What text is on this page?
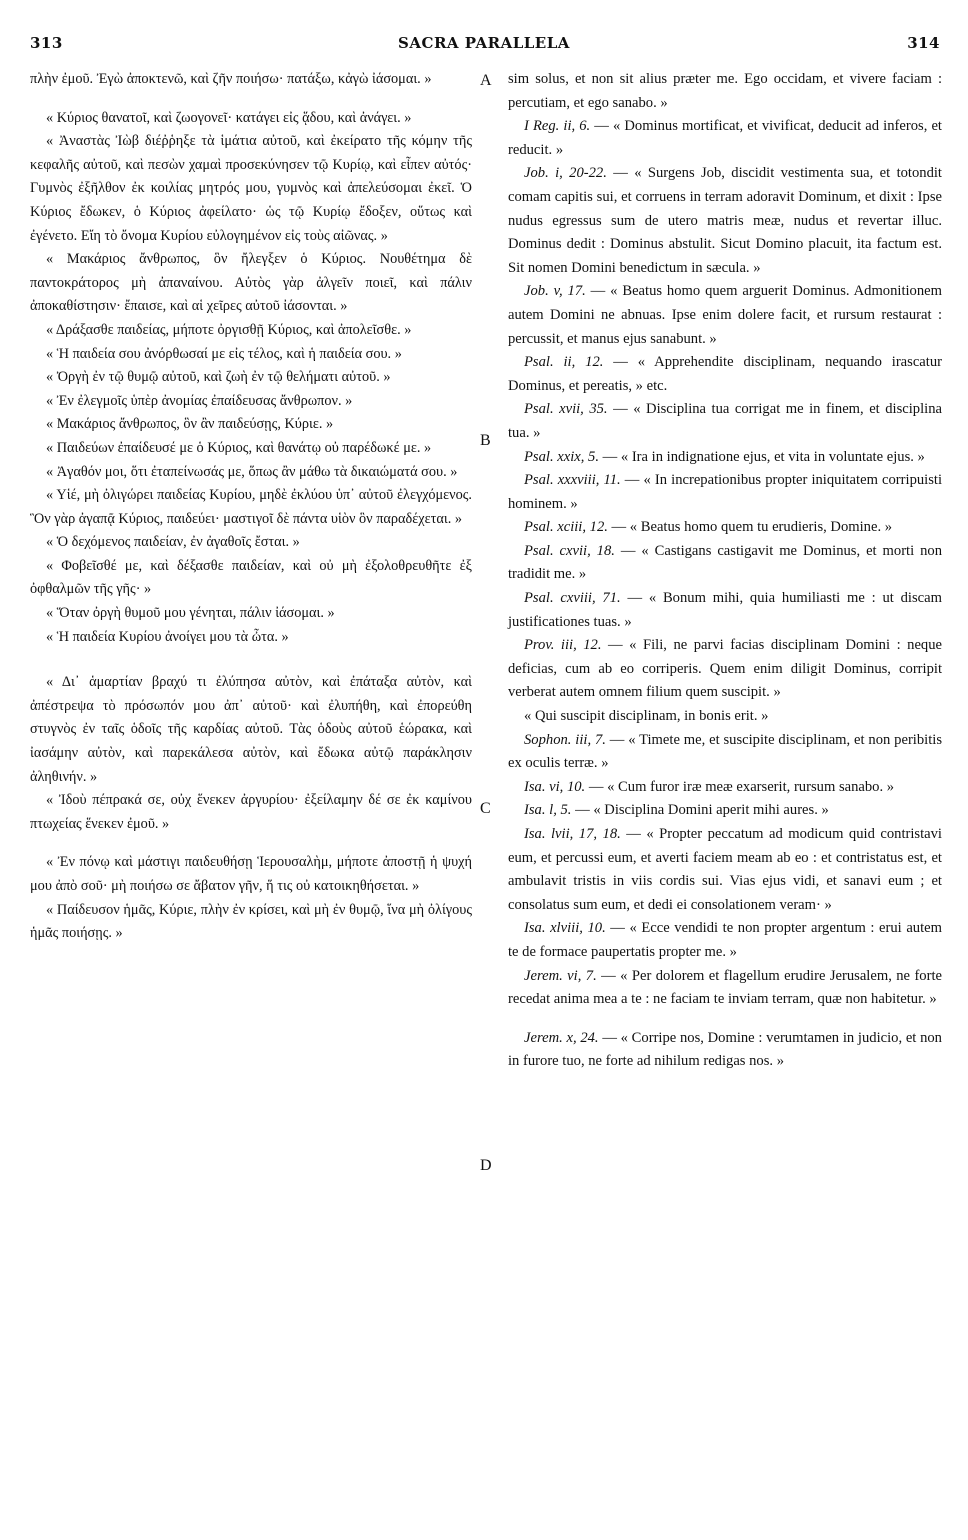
313	SACRA PARALLELA	314
πλὴν ἐμοῦ. Ἐγὼ ἀποκτενῶ, καὶ ζῆν ποιήσω· πατάξω, κἀγὼ ἰάσομαι. »
« Κύριος θανατοῖ, καὶ ζωογονεῖ· κατάγει εἰς ᾅδου, καὶ ἀνάγει. »
« Ἀναστὰς Ἰὼβ διέῤῥηξε τὰ ἱμάτια αὐτοῦ, καὶ ἐκείρατο τῆς κόμην τῆς κεφαλῆς αὐτοῦ, καὶ πεσὼν χαμαὶ προσεκύνησεν τῷ Κυρίῳ, καὶ εἶπεν αὐτός· Γυμνὸς ἐξῆλθον ἐκ κοιλίας μητρός μου, γυμνὸς καὶ ἀπελεύσομαι ἐκεῖ. Ὁ Κύριος ἔδωκεν, ὁ Κύριος ἀφείλατο· ὡς τῷ Κυρίῳ ἔδοξεν, οὕτως καὶ ἐγένετο. Εἴη τὸ ὄνομα Κυρίου εὐλογημένον εἰς τοὺς αἰῶνας. »
« Μακάριος ἄνθρωπος, ὃν ἤλεγξεν ὁ Κύριος. Νουθέτημα δὲ παντοκράτορος μὴ ἀπαναίνου. Αὐτὸς γὰρ ἀλγεῖν ποιεῖ, καὶ πάλιν ἀποκαθίστησιν· ἔπαισε, καὶ αἱ χεῖρες αὐτοῦ ἰάσονται. »
« Δράξασθε παιδείας, μήποτε ὀργισθῇ Κύριος, καὶ ἀπολεῖσθε. »
« Ἡ παιδεία σου ἀνόρθωσαί με εἰς τέλος, καὶ ἡ παιδεία σου. »
« Ὀργὴ ἐν τῷ θυμῷ αὐτοῦ, καὶ ζωὴ ἐν τῷ θελήματι αὐτοῦ. »
« Ἐν ἐλεγμοῖς ὑπὲρ ἀνομίας ἐπαίδευσας ἄνθρωπον. »
« Μακάριος ἄνθρωπος, ὃν ἂν παιδεύσῃς, Κύριε. »
« Παιδεύων ἐπαίδευσέ με ὁ Κύριος, καὶ θανάτῳ οὐ παρέδωκέ με. »
« Ἀγαθόν μοι, ὅτι ἐταπείνωσάς με, ὅπως ἂν μάθω τὰ δικαιώματά σου. »
« Υἱέ, μὴ ὀλιγώρει παιδείας Κυρίου, μηδὲ ἐκλύου ὑπ᾽ αὐτοῦ ἐλεγχόμενος. Ὃν γὰρ ἀγαπᾷ Κύριος, παιδεύει· μαστιγοῖ δὲ πάντα υἱὸν ὃν παραδέχεται. »
« Ὁ δεχόμενος παιδείαν, ἐν ἀγαθοῖς ἔσται. »
« Φοβεῖσθέ με, καὶ δέξασθε παιδείαν, καὶ οὐ μὴ ἐξολοθρευθῆτε ἐξ ὀφθαλμῶν τῆς γῆς· »
« Ὅταν ὀργὴ θυμοῦ μου γένηται, πάλιν ἰάσομαι. »
« Ἡ παιδεία Κυρίου ἀνοίγει μου τὰ ὦτα. »
« Δι᾽ ἁμαρτίαν βραχύ τι ἐλύπησα αὐτὸν, καὶ ἐπάταξα αὐτὸν, καὶ ἀπέστρεψα τὸ πρόσωπόν μου ἀπ᾽ αὐτοῦ· καὶ ἐλυπήθη, καὶ ἐπορεύθη στυγνὸς ἐν ταῖς ὁδοῖς τῆς καρδίας αὐτοῦ. Τὰς ὁδοὺς αὐτοῦ ἑώρακα, καὶ ἰασάμην αὐτὸν, καὶ παρεκάλεσα αὐτὸν, καὶ ἔδωκα αὐτῷ παράκλησιν ἀληθινήν. »
« Ἰδοὺ πέπρακά σε, οὐχ ἕνεκεν ἀργυρίου· ἐξείλαμην δέ σε ἐκ καμίνου πτωχείας ἕνεκεν ἐμοῦ. »
« Ἐν πόνῳ καὶ μάστιγι παιδευθήσῃ Ἱερουσαλὴμ, μήποτε ἀποστῇ ἡ ψυχή μου ἀπὸ σοῦ· μὴ ποιήσω σε ἄβατον γῆν, ἥ τις οὐ κατοικηθήσεται. »
« Παίδευσον ἡμᾶς, Κύριε, πλὴν ἐν κρίσει, καὶ μὴ ἐν θυμῷ, ἵνα μὴ ὀλίγους ἡμᾶς ποιήσῃς. »
A
B
C
D
sim solus, et non sit alius præter me. Ego occidam, et vivere faciam : percutiam, et ego sanabo. »
I Reg. ii, 6. — « Dominus mortificat, et vivificat, deducit ad inferos, et reducit. »
Job. i, 20-22. — « Surgens Job, discidit vestimenta sua, et totondit comam capitis sui, et corruens in terram adoravit Dominum, et dixit : Ipse nudus egressus sum de utero matris meæ, nudus et revertar illuc. Dominus dedit : Dominus abstulit. Sicut Domino placuit, ita factum est. Sit nomen Domini benedictum in sæcula. »
Job. v, 17. — « Beatus homo quem arguerit Dominus. Admonitionem autem Domini ne abnuas. Ipse enim dolere facit, et rursum restaurat : percussit, et manus ejus sanabunt. »
Psal. ii, 12. — « Apprehendite disciplinam, nequando irascatur Dominus, et pereatis, » etc.
Psal. xvii, 35. — « Disciplina tua corrigat me in finem, et disciplina tua. »
Psal. xxix, 5. — « Ira in indignatione ejus, et vita in voluntate ejus. »
Psal. xxxviii, 11. — « In increpationibus propter iniquitatem corripuisti hominem. »
Psal. xciii, 12. — « Beatus homo quem tu erudieris, Domine. »
Psal. cxvii, 18. — « Castigans castigavit me Dominus, et morti non tradidit me. »
Psal. cxviii, 71. — « Bonum mihi, quia humiliasti me : ut discam justificationes tuas. »
Prov. iii, 12. — « Fili, ne parvi facias disciplinam Domini : neque deficias, cum ab eo corriperis. Quem enim diligit Dominus, corripit verberat autem omnem filium quem suscipit. »
« Qui suscipit disciplinam, in bonis erit. »
Sophon. iii, 7. — « Timete me, et suscipite disciplinam, et non peribitis ex oculis terræ. »
Isa. vi, 10. — « Cum furor iræ meæ exarserit, rursum sanabo. »
Isa. l, 5. — « Disciplina Domini aperit mihi aures. »
Isa. lvii, 17, 18. — « Propter peccatum ad modicum quid contristavi eum, et percussi eum, et averti faciem meam ab eo : et contristatus est, et ambulavit tristis in viis cordis sui. Vias ejus vidi, et sanavi eum ; et consolatus sum eum, et dedi ei consolationem veram· »
Isa. xlviii, 10. — « Ecce vendidi te non propter argentum : erui autem te de formace paupertatis propter me. »
Jerem. vi, 7. — « Per dolorem et flagellum erudire Jerusalem, ne forte recedat anima mea a te : ne faciam te inviam terram, quæ non habitetur. »
Jerem. x, 24. — « Corripe nos, Domine : verumtamen in judicio, et non in furore tuo, ne forte ad nihilum redigas nos. »
